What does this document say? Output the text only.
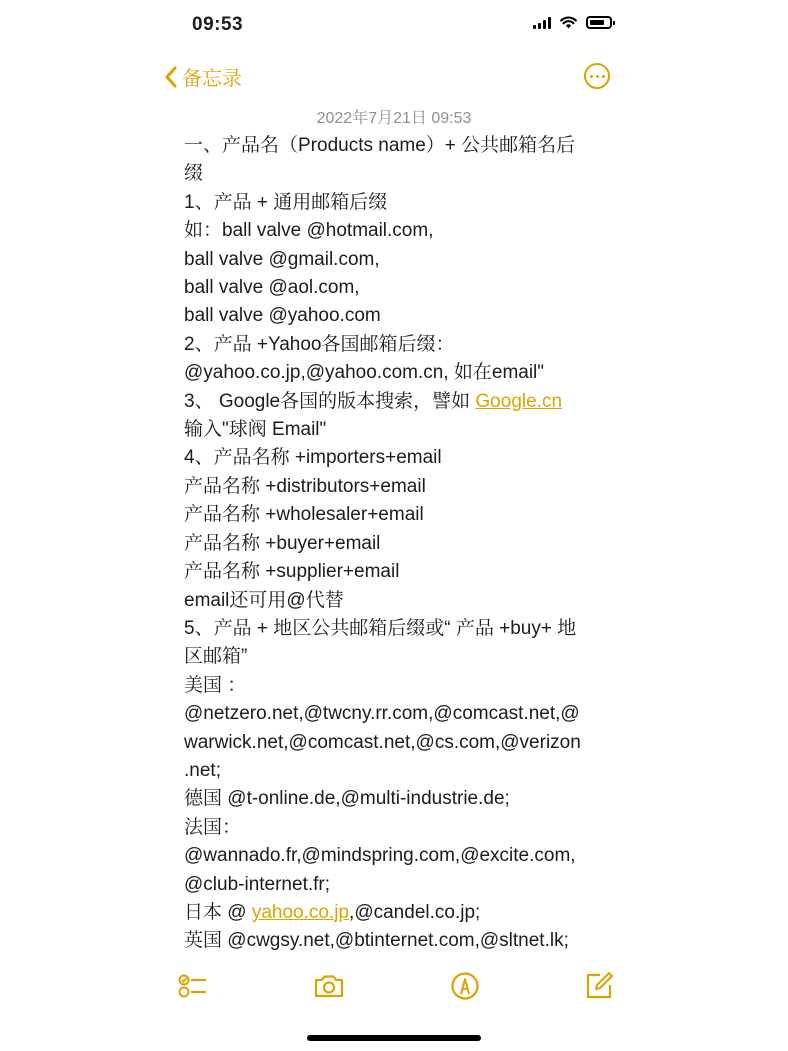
09:53
备忘录
2022年7月21日 09:53
一、产品名（Products name）+ 公共邮箱名后
缀
1、产品 + 通用邮箱后缀
如：ball valve @hotmail.com,
ball valve @gmail.com,
ball valve @aol.com,
ball valve @yahoo.com
2、产品 +Yahoo各国邮箱后缀：
@yahoo.co.jp,@yahoo.com.cn, 如在email"
3、 Google各国的版本搜索，譬如 Google.cn
输入"球阀 Email"
4、产品名称 +importers+email
产品名称 +distributors+email
产品名称 +wholesaler+email
产品名称 +buyer+email
产品名称 +supplier+email
email还可用@代替
5、产品 + 地区公共邮箱后缀或“ 产品 +buy+ 地
区邮箱”
美国 ：
@netzero.net,@twcny.rr.com,@comcast.net,@
warwick.net,@comcast.net,@cs.com,@verizon
.net;
德国 @t-online.de,@multi-industrie.de;
法国：
@wannado.fr,@mindspring.com,@excite.com,
@club-internet.fr;
日本 @ yahoo.co.jp,@candel.co.jp;
英国 @cwgsy.net,@btinternet.com,@sltnet.lk;
